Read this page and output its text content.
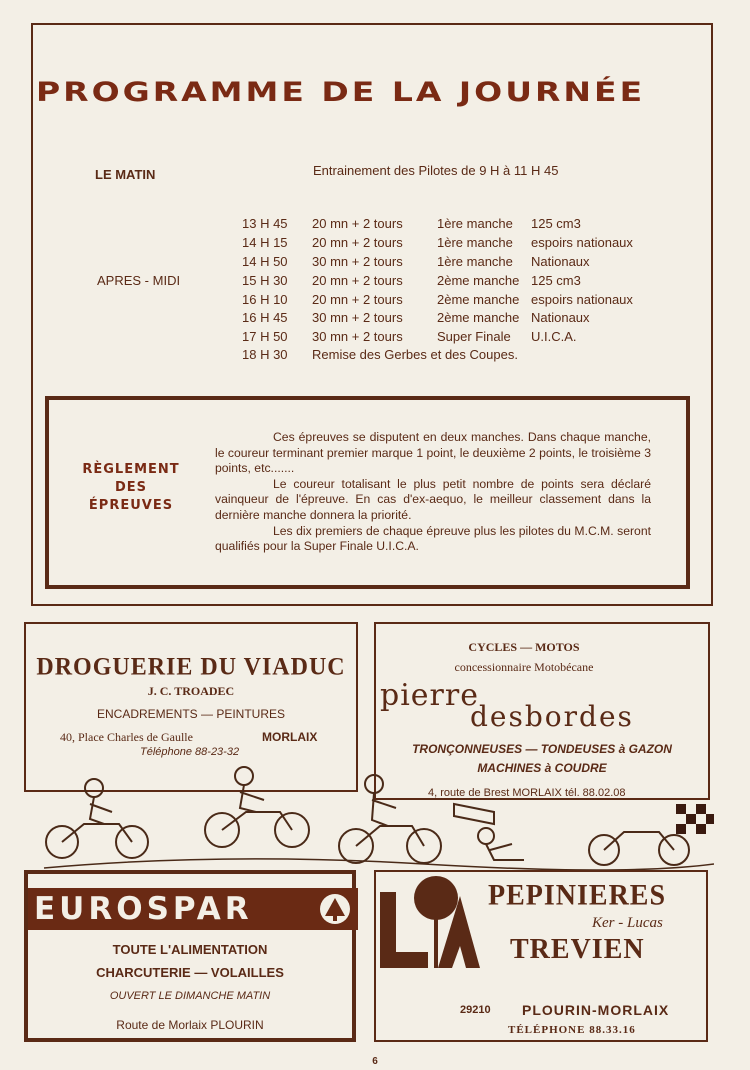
PROGRAMME DE LA JOURNÉE
LE MATIN	Entrainement des Pilotes de 9 H à 11 H 45
APRES - MIDI
13 H 45 20 mn + 2 tours	1ère manche 125 cm3
14 H 15 20 mn + 2 tours	1ère manche espoirs nationaux
14 H 50 30 mn + 2 tours	1ère manche Nationaux
15 H 30 20 mn + 2 tours	2ème manche 125 cm3
16 H 10 20 mn + 2 tours	2ème manche espoirs nationaux
16 H 45 30 mn + 2 tours	2ème manche Nationaux
17 H 50 30 mn + 2 tours	Super Finale U.I.C.A.
18 H 30 Remise des Gerbes et des Coupes.
RÈGLEMENT
DES
ÉPREUVES

Ces épreuves se disputent en deux manches. Dans chaque manche, le coureur terminant premier marque 1 point, le deuxième 2 points, le troisième 3 points, etc.......

Le coureur totalisant le plus petit nombre de points sera déclaré vainqueur de l'épreuve. En cas d'ex-aequo, le meilleur classement dans la dernière manche donnera la priorité.

Les dix premiers de chaque épreuve plus les pilotes du M.C.M. seront qualifiés pour la Super Finale U.I.C.A.

DROGUERIE DU VIADUC
J. C. TROADEC
ENCADREMENTS — PEINTURES
40, Place Charles de Gaulle	MORLAIX
Téléphone 88-23-32
CYCLES — MOTOS
concessionnaire Motobécane
pierre
desbordes
TRONÇONNEUSES — TONDEUSES à GAZON
MACHINES à COUDRE
4, route de Brest MORLAIX tél. 88.02.08
EUROSPAR
TOUTE L'ALIMENTATION
CHARCUTERIE — VOLAILLES
OUVERT LE DIMANCHE MATIN
Route de Morlaix PLOURIN
PEPINIERES
Ker - Lucas
TREVIEN
29210 PLOURIN-MORLAIX
TÉLÉPHONE 88.33.16
6
